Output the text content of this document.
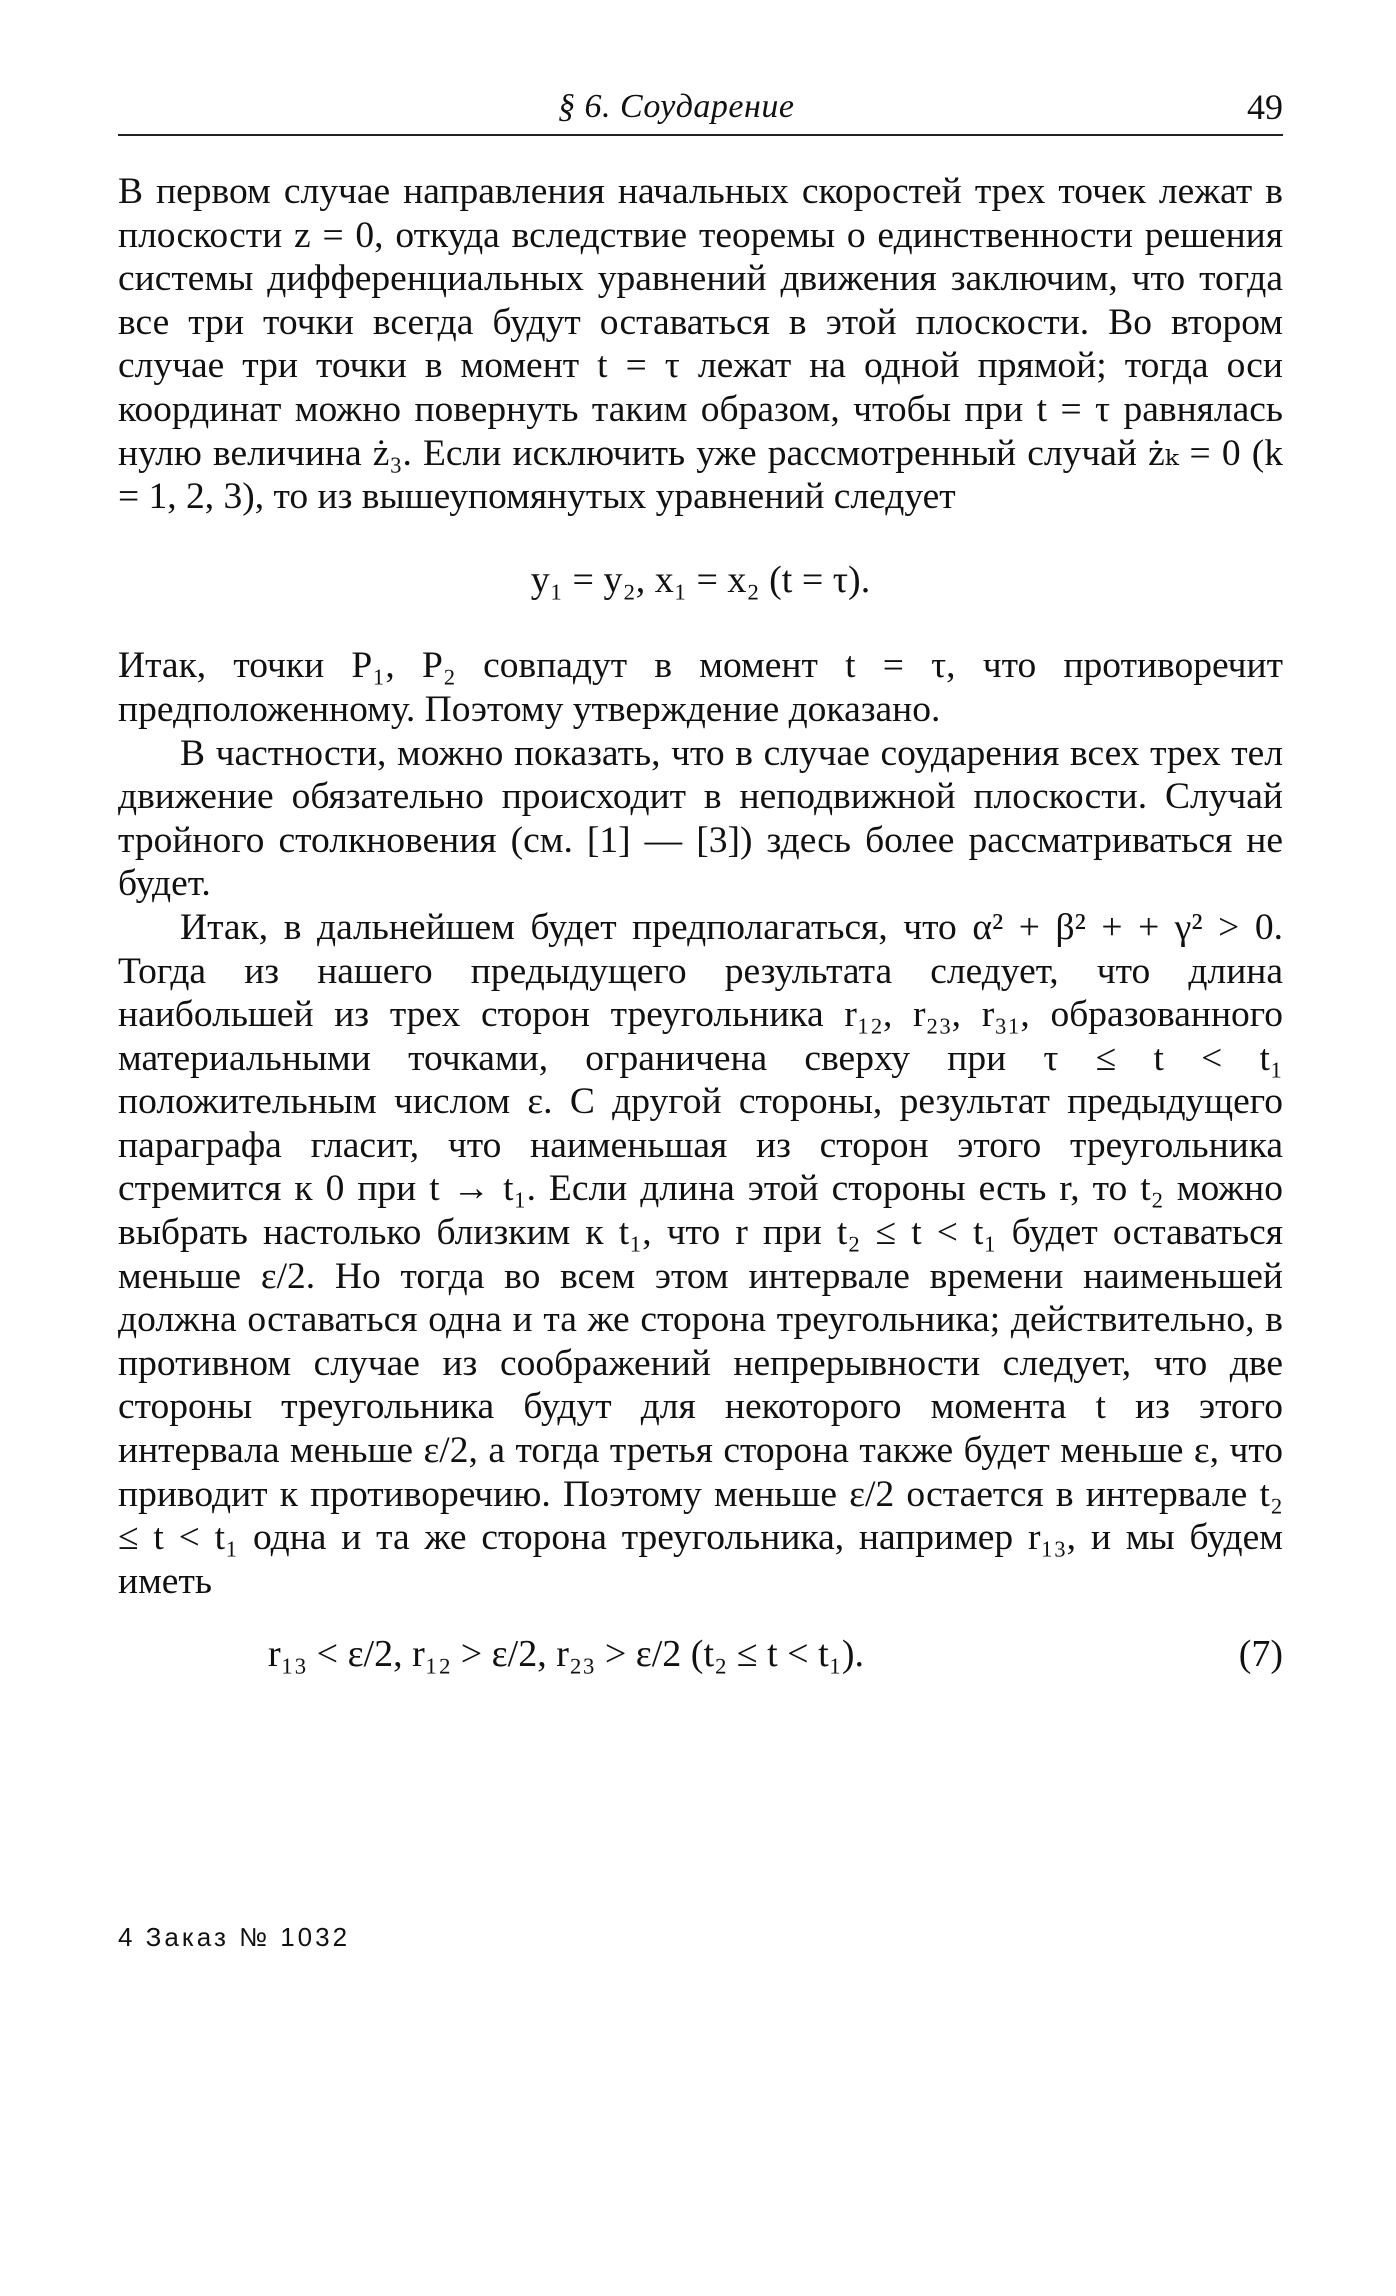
§ 6. Соударение	49

В первом случае направления начальных скоростей трех точек лежат в плоскости z = 0, откуда вследствие теоремы о единственности решения системы дифференциальных уравнений движения заключим, что тогда все три точки всегда будут оставаться в этой плоскости. Во втором случае три точки в момент t = τ лежат на одной прямой; тогда оси координат можно повернуть таким образом, чтобы при t = τ равнялась нулю величина ż₃. Если исключить уже рассмотренный случай żₖ = 0 (k = 1, 2, 3), то из вышеупомянутых уравнений следует

y₁ = y₂, x₁ = x₂ (t = τ).

Итак, точки P₁, P₂ совпадут в момент t = τ, что противоречит предположенному. Поэтому утверждение доказано.

В частности, можно показать, что в случае соударения всех трех тел движение обязательно происходит в неподвижной плоскости. Случай тройного столкновения (см. [1] — [3]) здесь более рассматриваться не будет.

Итак, в дальнейшем будет предполагаться, что α² + β² + + γ² > 0. Тогда из нашего предыдущего результата следует, что длина наибольшей из трех сторон треугольника r₁₂, r₂₃, r₃₁, образованного материальными точками, ограничена сверху при τ ≤ t < t₁ положительным числом ε. С другой стороны, результат предыдущего параграфа гласит, что наименьшая из сторон этого треугольника стремится к 0 при t → t₁. Если длина этой стороны есть r, то t₂ можно выбрать настолько близким к t₁, что r при t₂ ≤ t < t₁ будет оставаться меньше ε/2. Но тогда во всем этом интервале времени наименьшей должна оставаться одна и та же сторона треугольника; действительно, в противном случае из соображений непрерывности следует, что две стороны треугольника будут для некоторого момента t из этого интервала меньше ε/2, а тогда третья сторона также будет меньше ε, что приводит к противоречию. Поэтому меньше ε/2 остается в интервале t₂ ≤ t < t₁ одна и та же сторона треугольника, например r₁₃, и мы будем иметь

r₁₃ < ε/2, r₁₂ > ε/2, r₂₃ > ε/2 (t₂ ≤ t < t₁).	(7)
4 Заказ № 1032
